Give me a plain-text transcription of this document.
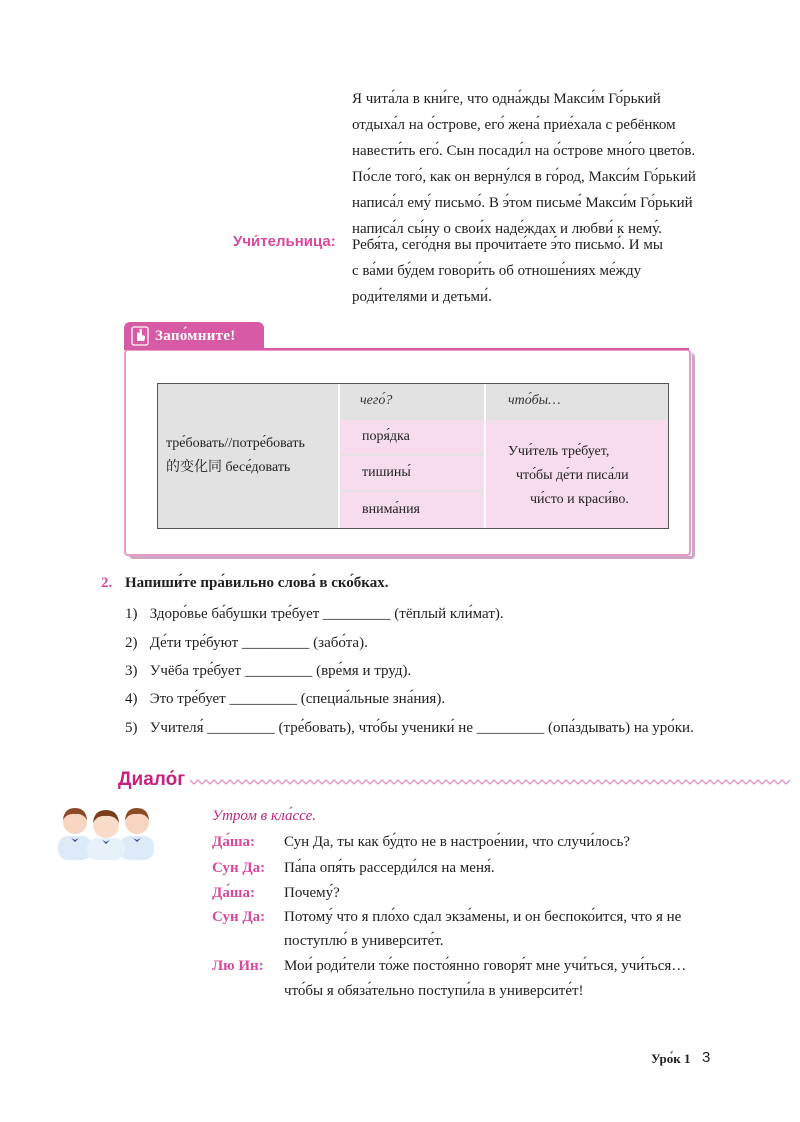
Я чита́ла в кни́ге, что одна́жды Макси́м Го́рький
отдыха́л на о́строве, его́ жена́ прие́хала с ребёнком
навести́ть его́. Сын посади́л на о́строве мно́го цвето́в.
По́сле того́, как он верну́лся в го́род, Макси́м Го́рький
написа́л ему́ письмо́. В э́том письме́ Макси́м Го́рький
написа́л сы́ну о свои́х наде́ждах и любви́ к нему́.
Учи́тельница: Ребя́та, сего́дня вы прочита́ете э́то письмо́. И мы
с ва́ми бу́дем говори́ть об отноше́ниях ме́жду
роди́телями и детьми́.
Запо́мните!
тре́бовать//потре́бовать
的变化同 бесе́довать
чего́?	что́бы…
поря́дка
тишины́
внима́ния
Учи́тель тре́бует,
что́бы де́ти писа́ли
чи́сто и краси́во.
2. Напиши́те пра́вильно слова́ в ско́бках.
1) Здоро́вье ба́бушки тре́бует _________ (тёплый кли́мат).
2) Де́ти тре́буют _________ (забо́та).
3) Учёба тре́бует _________ (вре́мя и труд).
4) Это тре́бует _________ (специа́льные зна́ния).
5) Учителя́ _________ (тре́бовать), что́бы ученики́ не _________ (опа́здывать) на уро́ки.
Диало́г
Утром в кла́ссе.
Да́ша: Сун Да, ты как бу́дто не в настрое́нии, что случи́лось?
Сун Да: Па́па опя́ть рассерди́лся на меня́.
Да́ша: Почему́?
Сун Да: Потому́ что я пло́хо сдал экза́мены, и он беспоко́ится, что я не
поступлю́ в университе́т.
Лю Ин: Мои́ роди́тели то́же посто́янно говоря́т мне учи́ться, учи́ться…
что́бы я обяза́тельно поступи́ла в университе́т!
Уро́к 1 3
